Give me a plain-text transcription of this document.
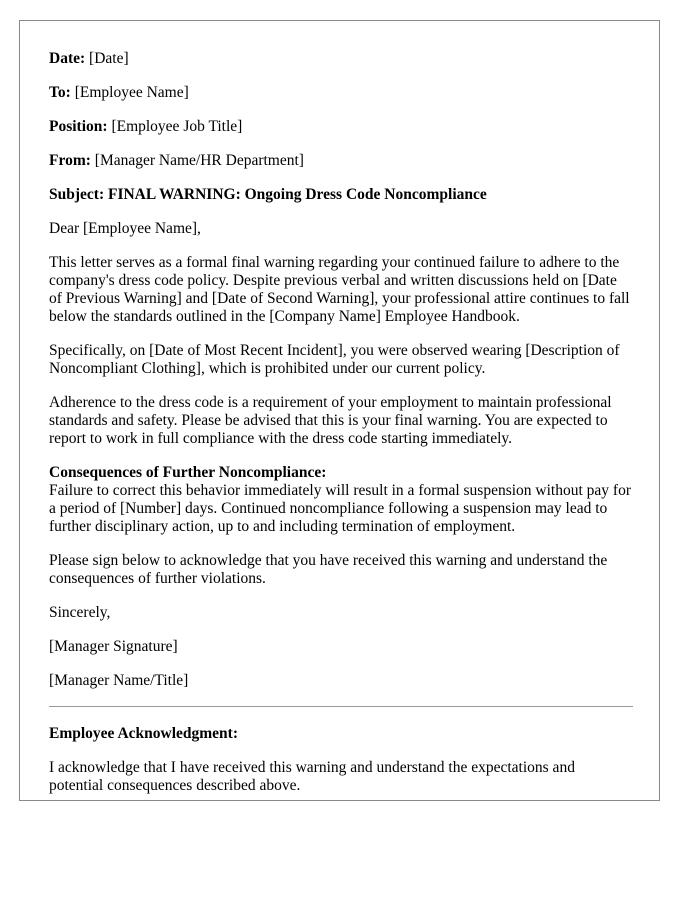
Date: [Date]
To: [Employee Name]
Position: [Employee Job Title]
From: [Manager Name/HR Department]
Subject: FINAL WARNING: Ongoing Dress Code Noncompliance
Dear [Employee Name],
This letter serves as a formal final warning regarding your continued failure to adhere to the company's dress code policy. Despite previous verbal and written discussions held on [Date of Previous Warning] and [Date of Second Warning], your professional attire continues to fall below the standards outlined in the [Company Name] Employee Handbook.
Specifically, on [Date of Most Recent Incident], you were observed wearing [Description of Noncompliant Clothing], which is prohibited under our current policy.
Adherence to the dress code is a requirement of your employment to maintain professional standards and safety. Please be advised that this is your final warning. You are expected to report to work in full compliance with the dress code starting immediately.
Consequences of Further Noncompliance:
Failure to correct this behavior immediately will result in a formal suspension without pay for a period of [Number] days. Continued noncompliance following a suspension may lead to further disciplinary action, up to and including termination of employment.
Please sign below to acknowledge that you have received this warning and understand the consequences of further violations.
Sincerely,
[Manager Signature]
[Manager Name/Title]
Employee Acknowledgment:
I acknowledge that I have received this warning and understand the expectations and potential consequences described above.
